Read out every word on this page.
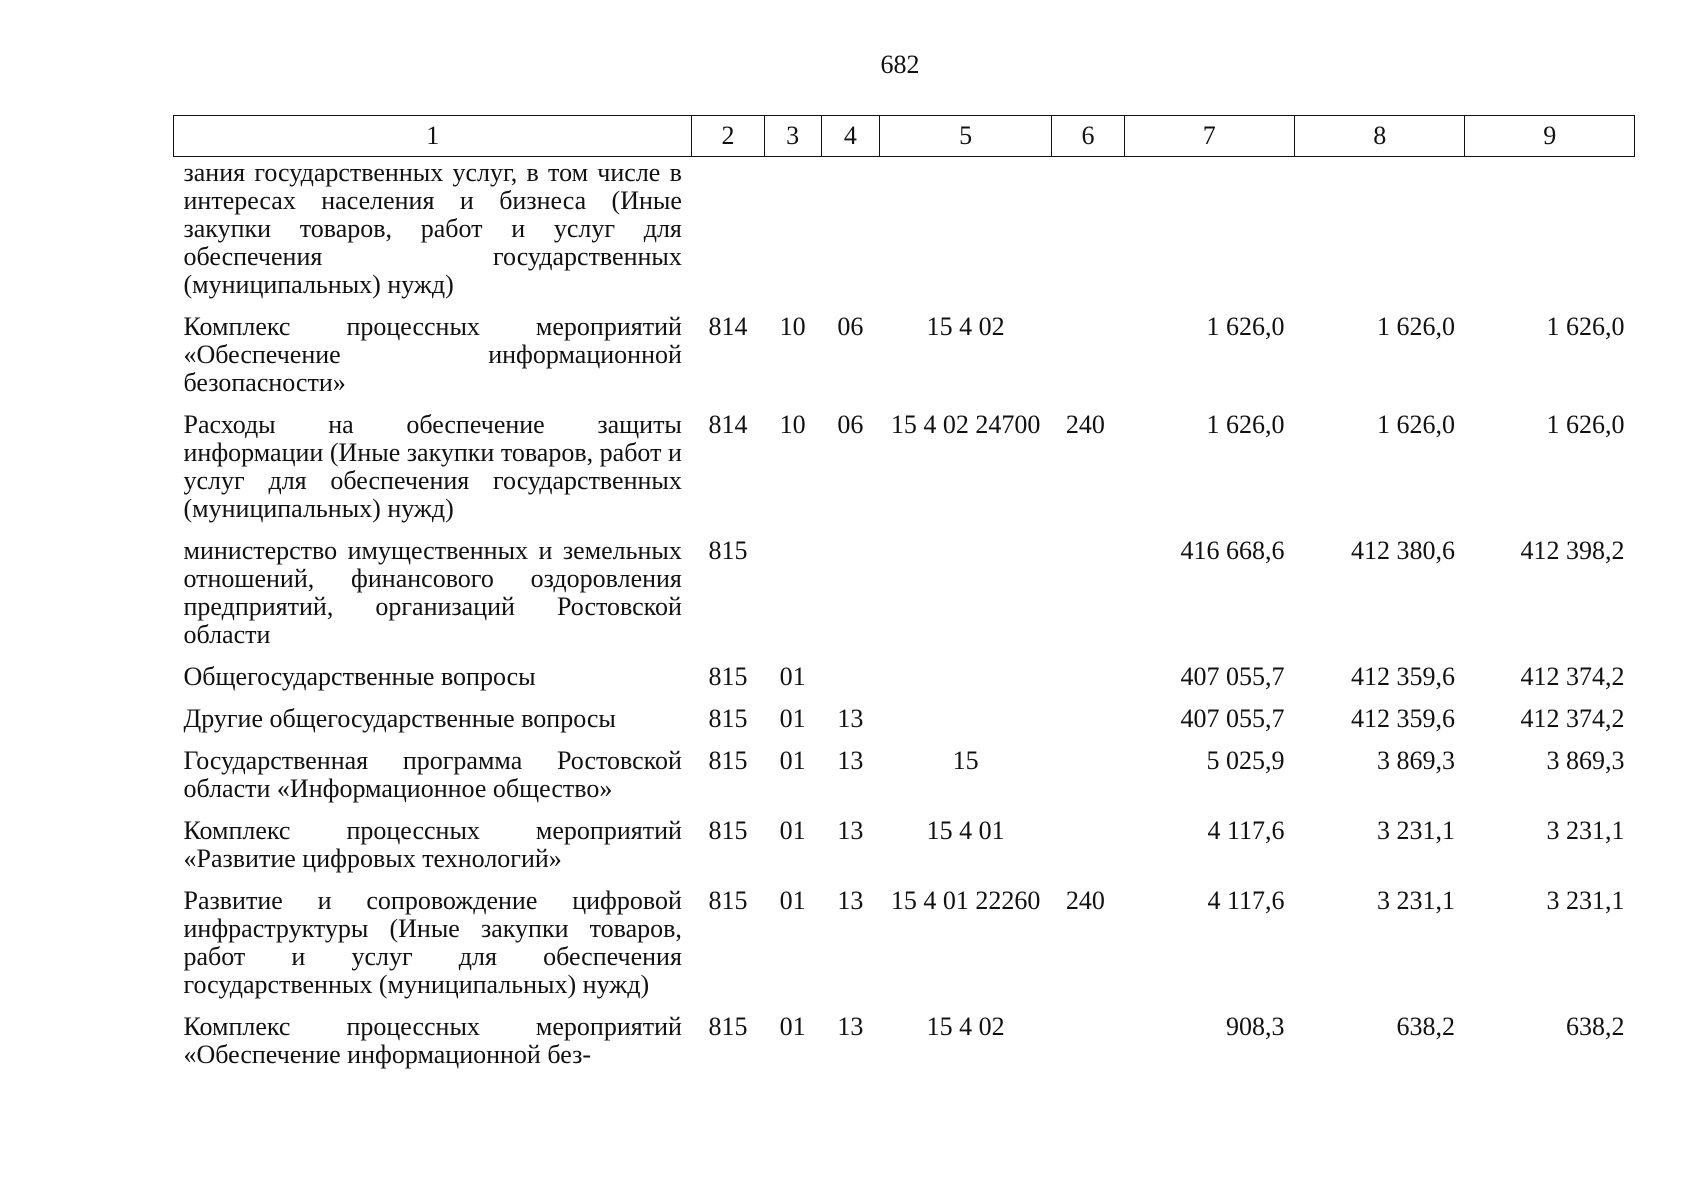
682
1	2	3	4	5	6	7	8	9
зания государственных услуг, в том числе в интересах населения и бизнеса (Иные закупки товаров, работ и услуг для обеспечения государственных (муниципальных) нужд)								
Комплекс процессных мероприятий «Обеспечение информационной безопасности»	814	10	06	15 4 02		1 626,0	1 626,0	1 626,0
Расходы на обеспечение защиты информации (Иные закупки товаров, работ и услуг для обеспечения государственных (муниципальных) нужд)	814	10	06	15 4 02 24700	240	1 626,0	1 626,0	1 626,0
министерство имущественных и земельных отношений, финансового оздоровления предприятий, организаций Ростовской области	815					416 668,6	412 380,6	412 398,2
Общегосударственные вопросы	815	01				407 055,7	412 359,6	412 374,2
Другие общегосударственные вопросы	815	01	13			407 055,7	412 359,6	412 374,2
Государственная программа Ростовской области «Информационное общество»	815	01	13	15		5 025,9	3 869,3	3 869,3
Комплекс процессных мероприятий «Развитие цифровых технологий»	815	01	13	15 4 01		4 117,6	3 231,1	3 231,1
Развитие и сопровождение цифровой инфраструктуры (Иные закупки товаров, работ и услуг для обеспечения государственных (муниципальных) нужд)	815	01	13	15 4 01 22260	240	4 117,6	3 231,1	3 231,1
Комплекс процессных мероприятий «Обеспечение информационной без-	815	01	13	15 4 02		908,3	638,2	638,2
